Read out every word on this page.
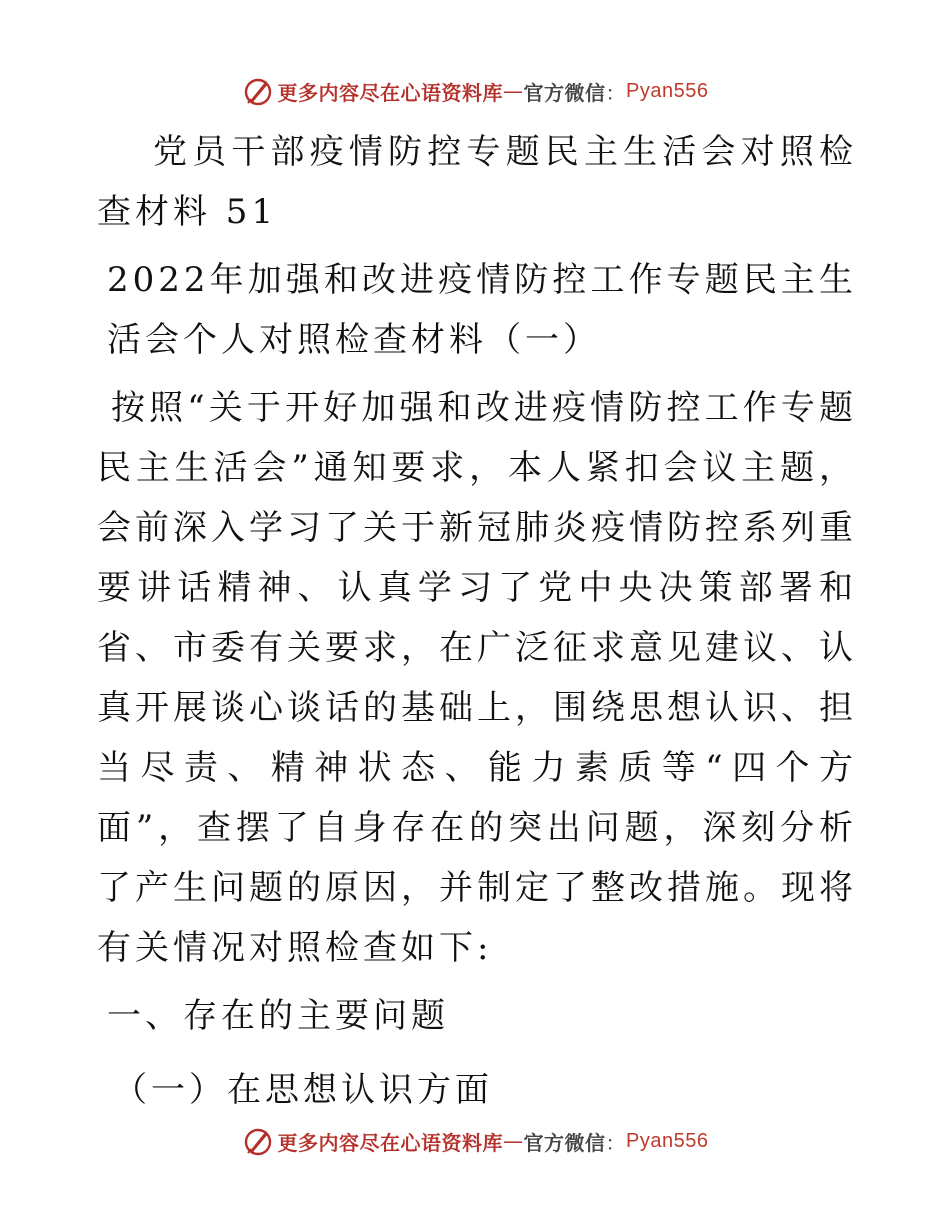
更多内容尽在心语资料库 — 官方微信 ： Pyan556

党员干部疫情防控专题民主生活会对照检查材料 51

2022年加强和改进疫情防控工作专题民主生活会个人对照检查材料（一）

按照“关于开好加强和改进疫情防控工作专题民主生活会”通知要求，本人紧扣会议主题，会前深入学习了关于新冠肺炎疫情防控系列重要讲话精神、认真学习了党中央决策部署和省、市委有关要求，在广泛征求意见建议、认真开展谈心谈话的基础上，围绕思想认识、担当尽责、精神状态、能力素质等“四个方面”，查摆了自身存在的突出问题，深刻分析了产生问题的原因，并制定了整改措施。现将有关情况对照检查如下:

一、存在的主要问题

（一）在思想认识方面

更多内容尽在心语资料库 — 官方微信 ： Pyan556
